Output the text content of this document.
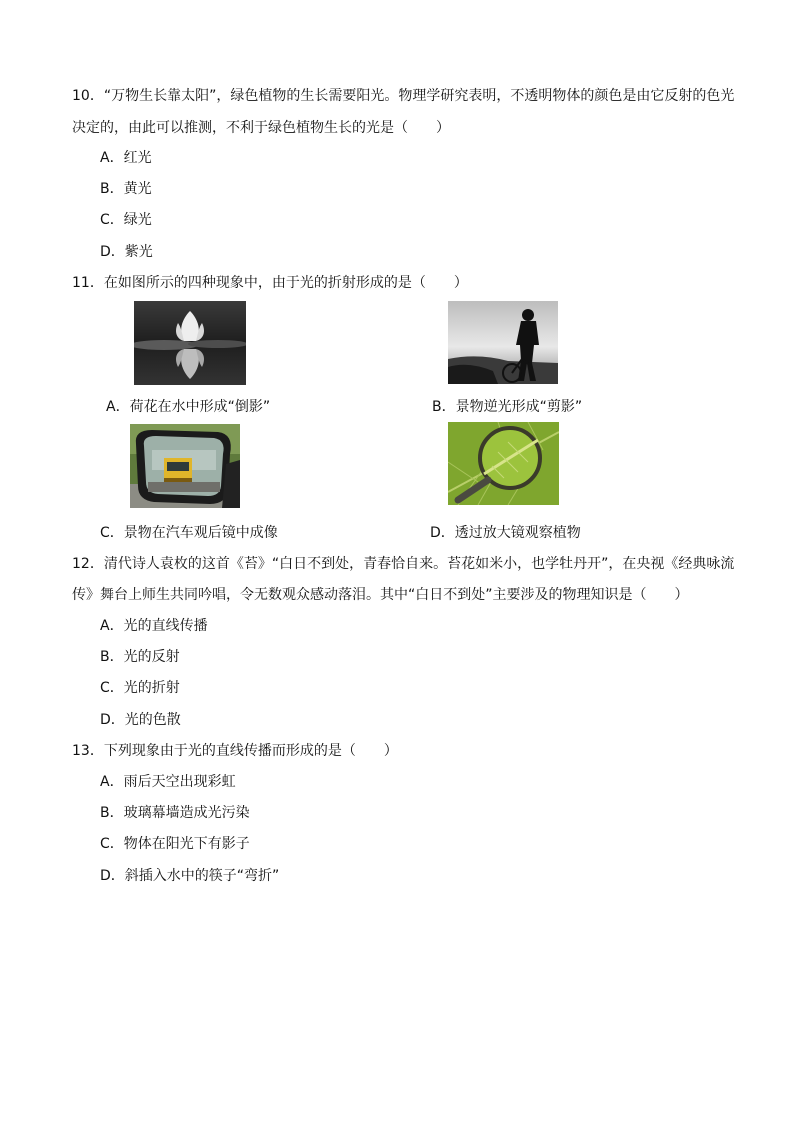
10．“万物生长靠太阳”，绿色植物的生长需要阳光。物理学研究表明，不透明物体的颜色是由它反射的色光
决定的，由此可以推测，不利于绿色植物生长的光是（　　）
A．红光
B．黄光
C．绿光
D．紫光
11．在如图所示的四种现象中，由于光的折射形成的是（　　）
A．荷花在水中形成“倒影”	B．景物逆光形成“剪影”
C．景物在汽车观后镜中成像	D．透过放大镜观察植物
12．清代诗人袁枚的这首《苔》“白日不到处，青春恰自来。苔花如米小，也学牡丹开”，在央视《经典咏流
传》舞台上师生共同吟唱，令无数观众感动落泪。其中“白日不到处”主要涉及的物理知识是（　　）
A．光的直线传播
B．光的反射
C．光的折射
D．光的色散
13．下列现象由于光的直线传播而形成的是（　　）
A．雨后天空出现彩虹
B．玻璃幕墙造成光污染
C．物体在阳光下有影子
D．斜插入水中的筷子“弯折”
